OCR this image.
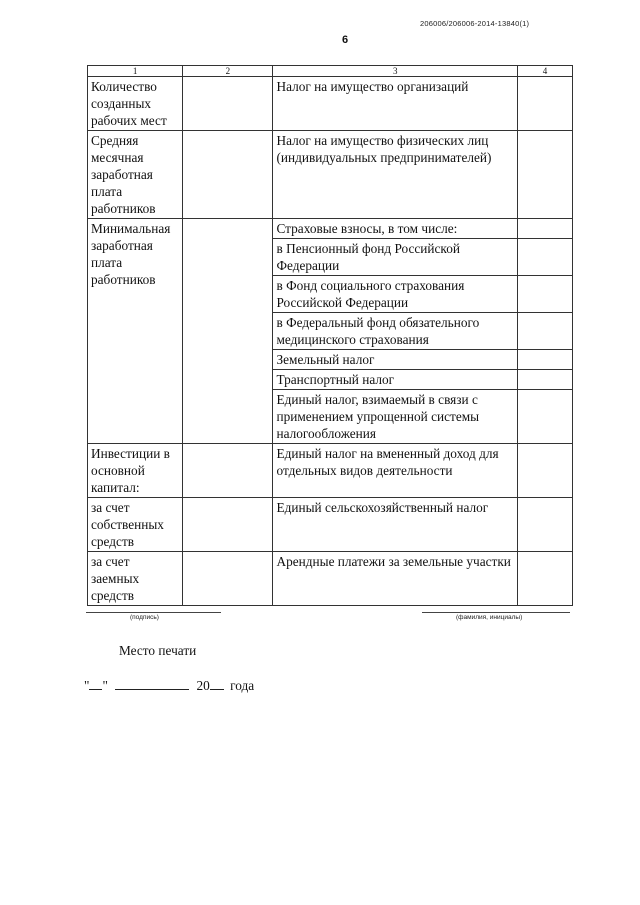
206006/206006-2014-13840(1)
6
1	2	3	4
Количество созданных рабочих мест		Налог на имущество организаций	
Средняя месячная заработная плата работников		Налог на имущество физических лиц (индивидуальных предпринимателей)	
Минимальная заработная плата работников		Страховые взносы, в том числе:	
		в Пенсионный фонд Российской Федерации	
		в Фонд социального страхования Российской Федерации	
		в Федеральный фонд обязательного медицинского страхования	
		Земельный налог	
		Транспортный налог	
		Единый налог, взимаемый в связи с применением упрощенной системы налогообложения	
Инвестиции в основной капитал:		Единый налог на вмененный доход для отдельных видов деятельности	
за счет собственных средств		Единый сельскохозяйственный налог	
за счет заемных средств		Арендные платежи за земельные участки	
(подпись)	(фамилия, инициалы)
Место печати
" "	20 года
